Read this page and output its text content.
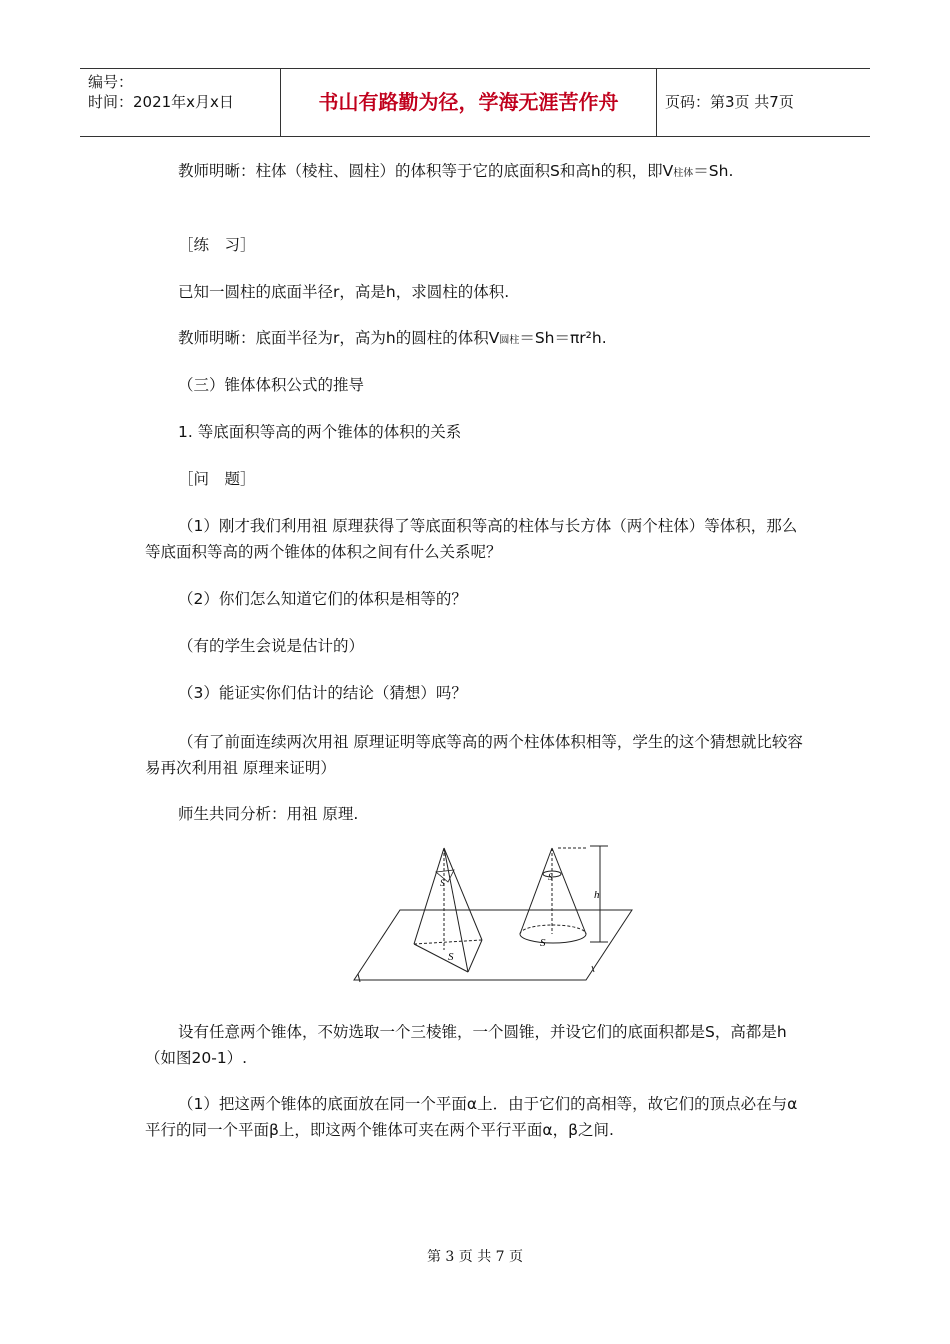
编号：
时间：2021年x月x日	书山有路勤为径，学海无涯苦作舟	页码：第3页 共7页

教师明晰：柱体（棱柱、圆柱）的体积等于它的底面积S和高h的积，即V柱体＝Sh.

［练　习］

已知一圆柱的底面半径r，高是h，求圆柱的体积.

教师明晰：底面半径为r，高为h的圆柱的体积V圆柱＝Sh＝πr²h.

（三）锥体体积公式的推导

1. 等底面积等高的两个锥体的体积的关系

［问　题］

（1）刚才我们利用祖 原理获得了等底面积等高的柱体与长方体（两个柱体）等体积，那么等底面积等高的两个锥体的体积之间有什么关系呢？

（2）你们怎么知道它们的体积是相等的？

（有的学生会说是估计的）

（3）能证实你们估计的结论（猜想）吗？

（有了前面连续两次用祖 原理证明等底等高的两个柱体体积相等，学生的这个猜想就比较容易再次利用祖 原理来证明）

师生共同分析：用祖 原理.

S
S
S
S
h

设有任意两个锥体，不妨选取一个三棱锥，一个圆锥，并设它们的底面积都是S，高都是h（如图20-1）.

（1）把这两个锥体的底面放在同一个平面α上．由于它们的高相等，故它们的顶点必在与α平行的同一个平面β上，即这两个锥体可夹在两个平行平面α，β之间.

第 3 页 共 7 页
